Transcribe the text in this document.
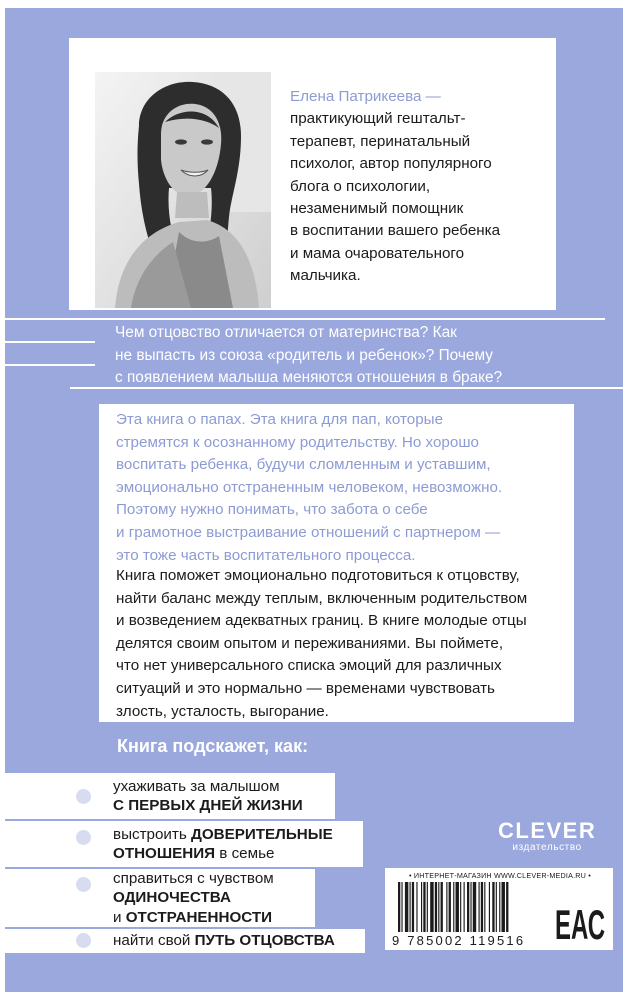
Елена Патрикеева —
практикующий гештальт-
терапевт, перинатальный
психолог, автор популярного
блога о психологии,
незаменимый помощник
в воспитании вашего ребенка
и мама очаровательного
мальчика.
Чем отцовство отличается от материнства? Как
не выпасть из союза «родитель и ребенок»? Почему
с появлением малыша меняются отношения в браке?
Эта книга о папах. Эта книга для пап, которые
стремятся к осознанному родительству. Но хорошо
воспитать ребенка, будучи сломленным и уставшим,
эмоционально отстраненным человеком, невозможно.
Поэтому нужно понимать, что забота о себе
и грамотное выстраивание отношений с партнером —
это тоже часть воспитательного процесса.
Книга поможет эмоционально подготовиться к отцовству,
найти баланс между теплым, включенным родительством
и возведением адекватных границ. В книге молодые отцы
делятся своим опытом и переживаниями. Вы поймете,
что нет универсального списка эмоций для различных
ситуаций и это нормально — временами чувствовать
злость, усталость, выгорание.
Книга подскажет, как:
ухаживать за малышом
С ПЕРВЫХ ДНЕЙ ЖИЗНИ
выстроить ДОВЕРИТЕЛЬНЫЕ
ОТНОШЕНИЯ в семье
справиться с чувством
ОДИНОЧЕСТВА
и ОТСТРАНЕННОСТИ
найти свой ПУТЬ ОТЦОВСТВА
CLEVER
издательство
• ИНТЕРНЕТ-МАГАЗИН WWW.CLEVER-MEDIA.RU •
9 785002 119516 ЕАС
